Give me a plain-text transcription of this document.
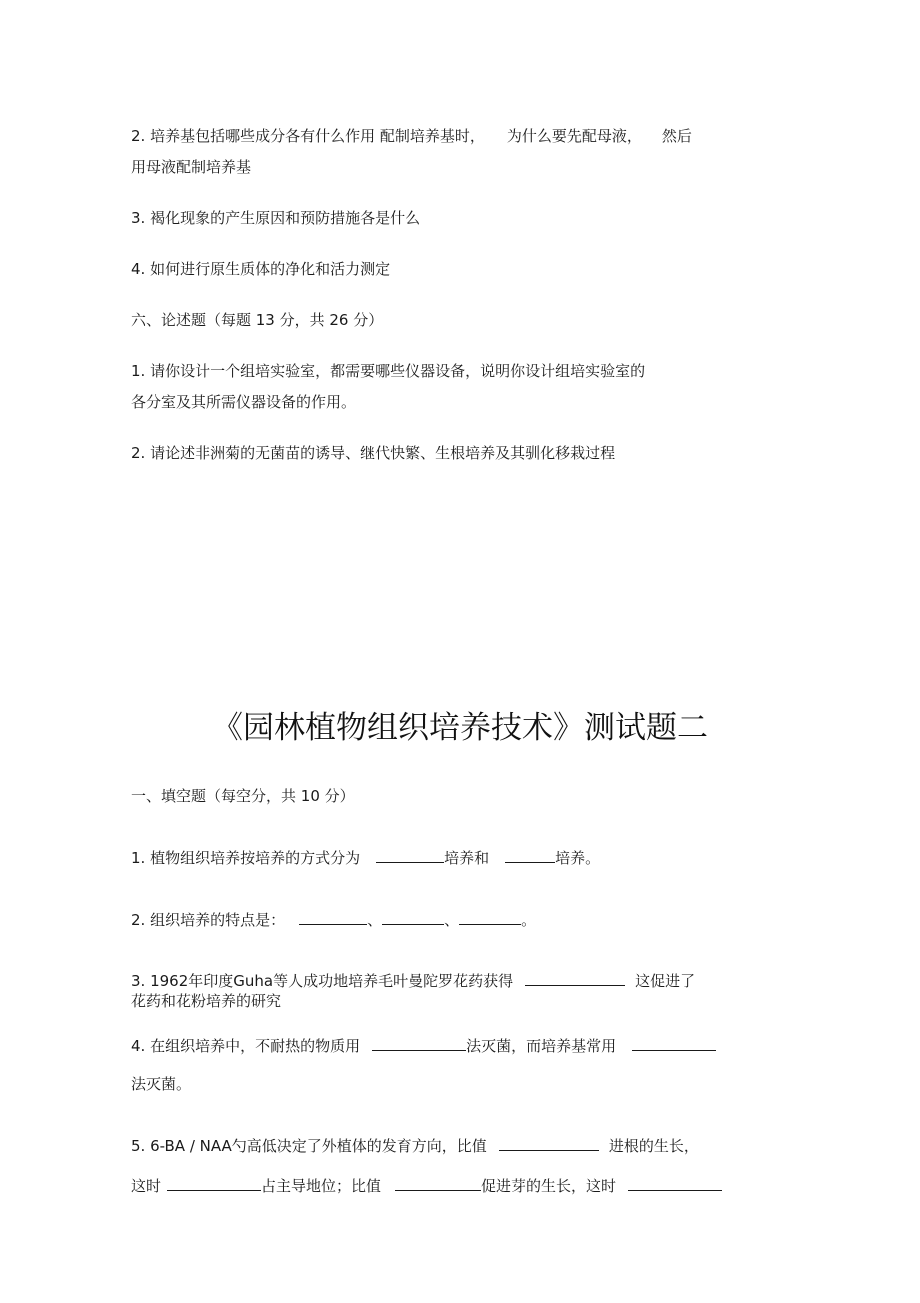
2. 培养基包括哪些成分各有什么作用 配制培养基时， 为什么要先配母液， 然后
用母液配制培养基
3. 褐化现象的产生原因和预防措施各是什么
4. 如何进行原生质体的净化和活力测定
六、论述题（每题 13 分，共 26 分）
1. 请你设计一个组培实验室，都需要哪些仪器设备，说明你设计组培实验室的
各分室及其所需仪器设备的作用。
2. 请论述非洲菊的无菌苗的诱导、继代快繁、生根培养及其驯化移栽过程
《园林植物组织培养技术》测试题二
一、填空题（每空分，共 10 分）
1. 植物组织培养按培养的方式分为	培养和	培养。
2. 组织培养的特点是：	、	、	。
3. 1962年印度Guha等人成功地培养毛叶曼陀罗花药获得	这促进了
花药和花粉培养的研究
4. 在组织培养中，不耐热的物质用	法灭菌，而培养基常用
法灭菌。
5. 6-BA / NAA勺高低决定了外植体的发育方向，比值	进根的生长，
这时	占主导地位；比值	促进芽的生长，这时
